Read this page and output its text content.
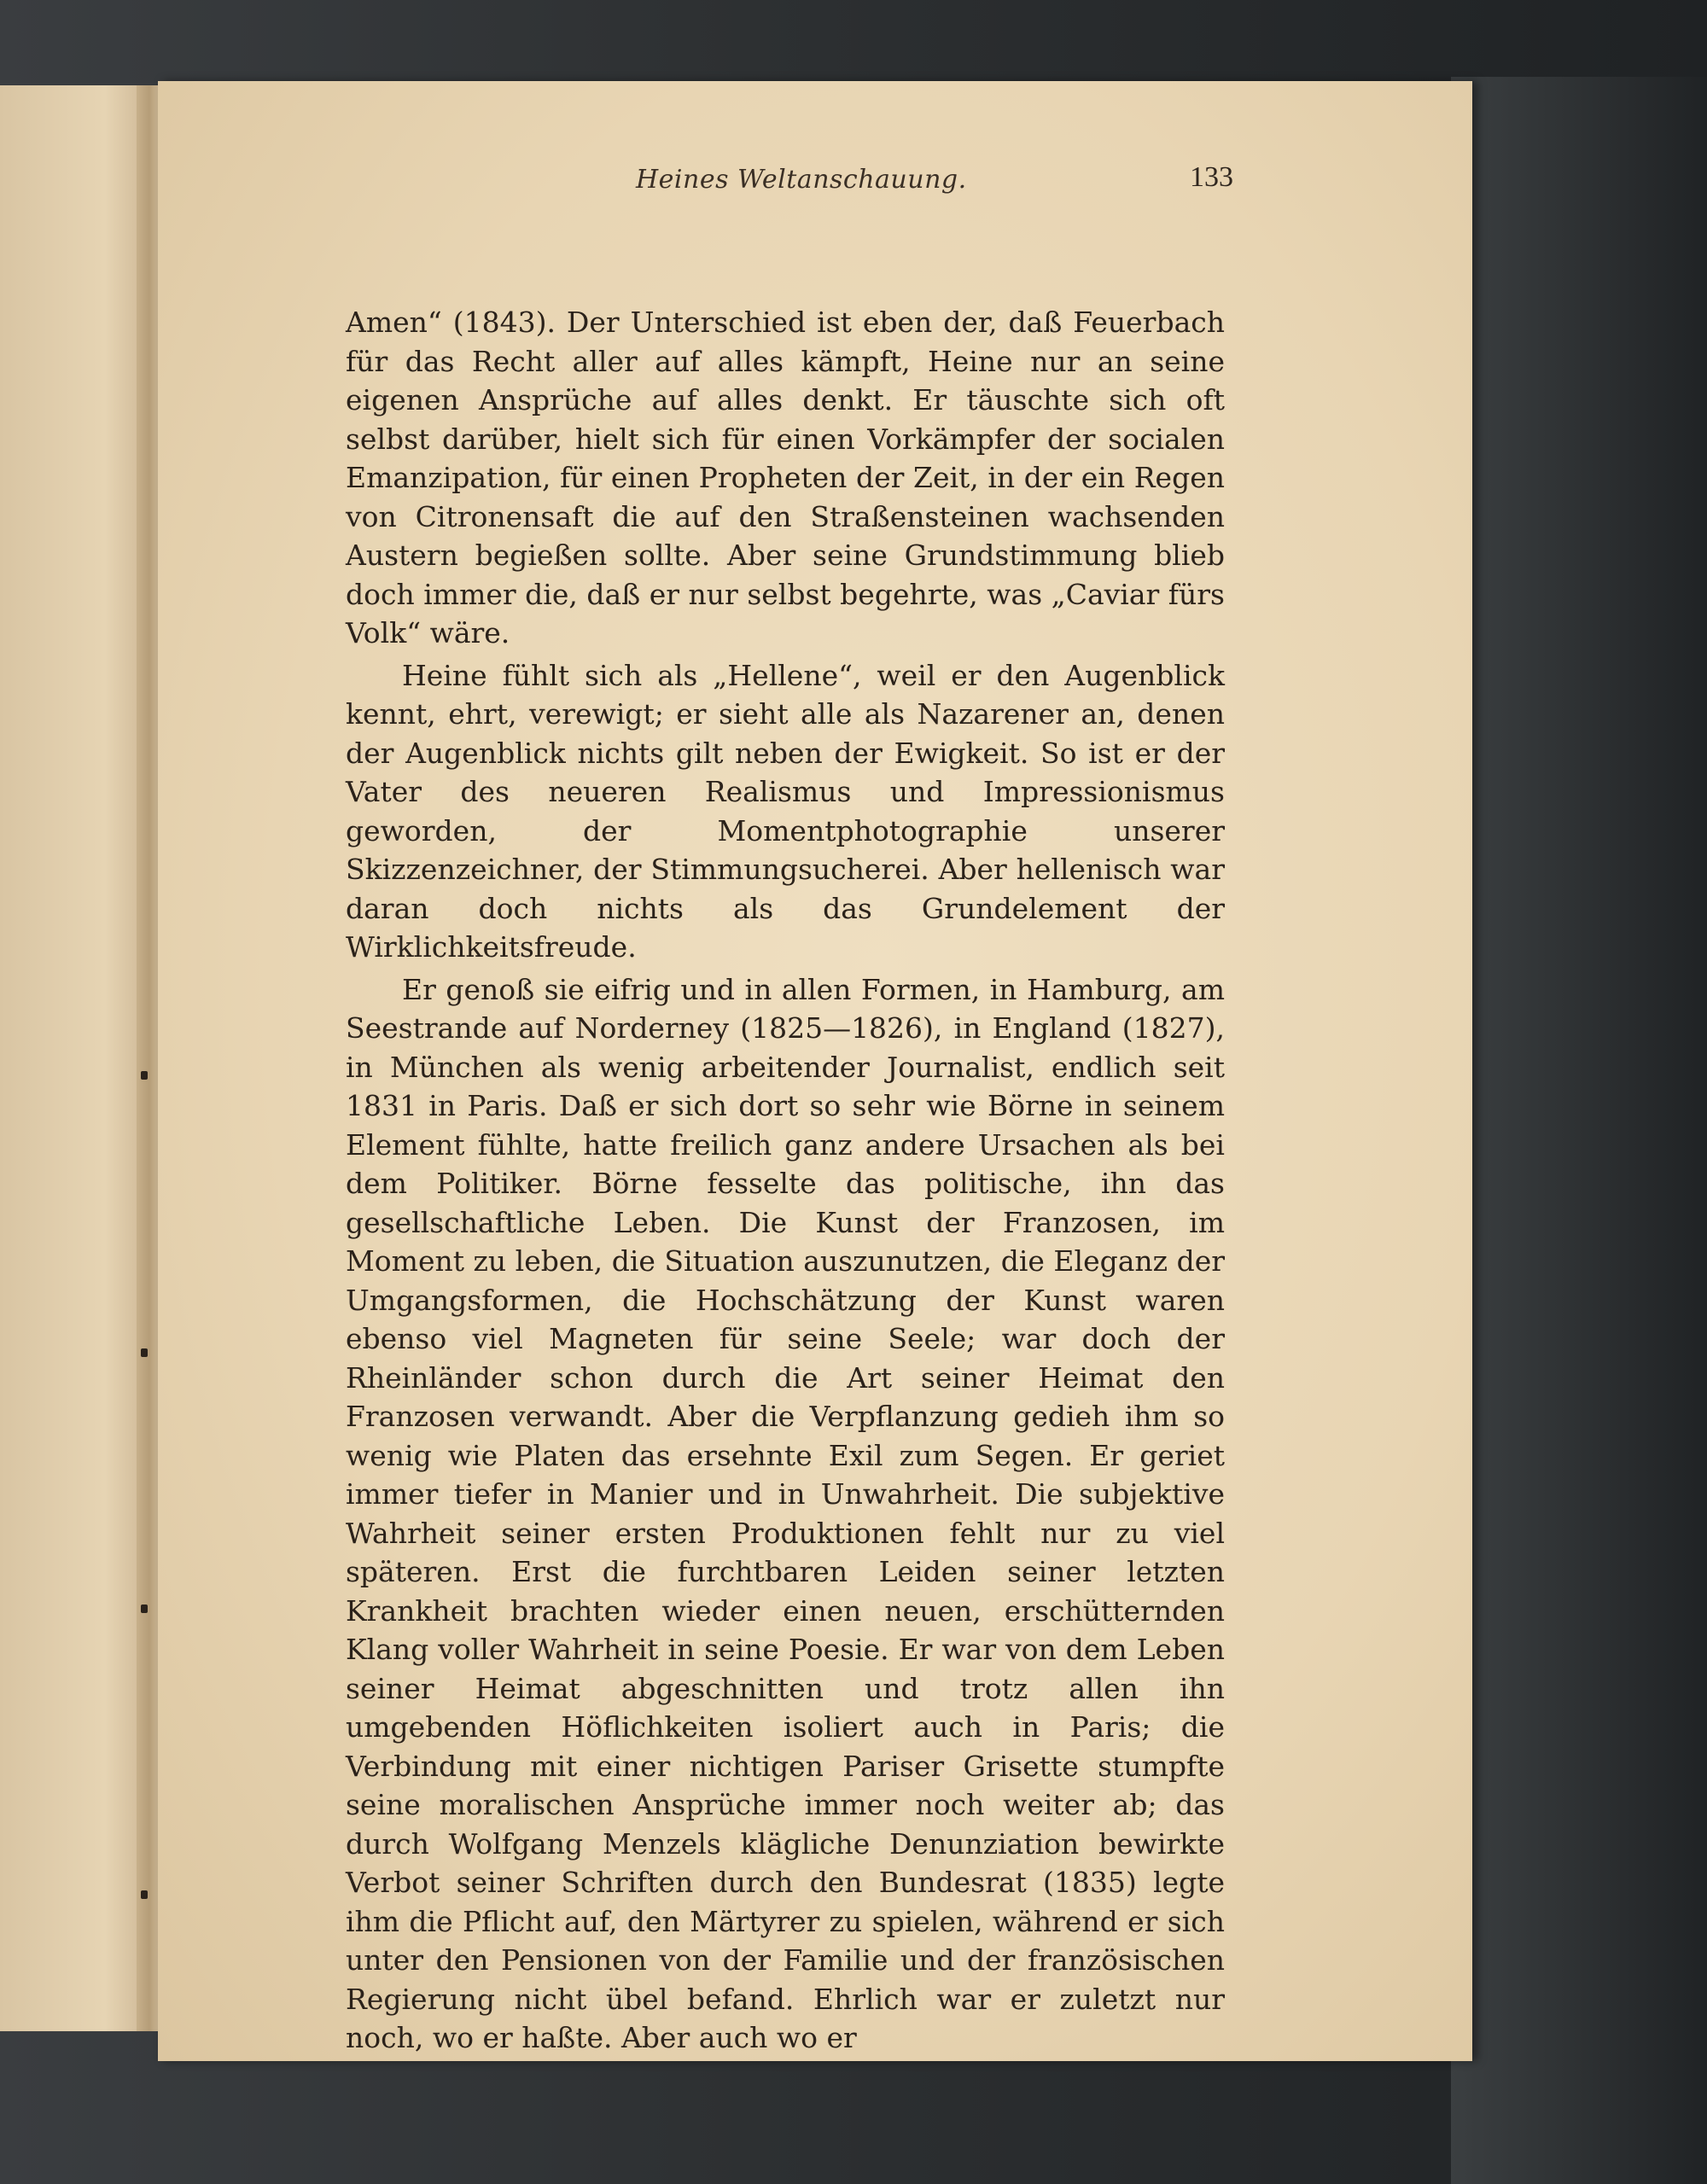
Heines Weltanschauung.	133

Amen“ (1843). Der Unterschied ist eben der, daß Feuerbach für das Recht aller auf alles kämpft, Heine nur an seine eigenen Ansprüche auf alles denkt. Er täuschte sich oft selbst darüber, hielt sich für einen Vorkämpfer der socialen Emanzipation, für einen Propheten der Zeit, in der ein Regen von Citronensaft die auf den Straßensteinen wachsenden Austern begießen sollte. Aber seine Grundstimmung blieb doch immer die, daß er nur selbst begehrte, was „Caviar fürs Volk“ wäre.

Heine fühlt sich als „Hellene“, weil er den Augenblick kennt, ehrt, verewigt; er sieht alle als Nazarener an, denen der Augenblick nichts gilt neben der Ewigkeit. So ist er der Vater des neueren Realismus und Impressionismus geworden, der Momentphotographie unserer Skizzenzeichner, der Stimmungsucherei. Aber hellenisch war daran doch nichts als das Grundelement der Wirklichkeitsfreude.

Er genoß sie eifrig und in allen Formen, in Hamburg, am Seestrande auf Norderney (1825—1826), in England (1827), in München als wenig arbeitender Journalist, endlich seit 1831 in Paris. Daß er sich dort so sehr wie Börne in seinem Element fühlte, hatte freilich ganz andere Ursachen als bei dem Politiker. Börne fesselte das politische, ihn das gesellschaftliche Leben. Die Kunst der Franzosen, im Moment zu leben, die Situation auszunutzen, die Eleganz der Umgangsformen, die Hochschätzung der Kunst waren ebenso viel Magneten für seine Seele; war doch der Rheinländer schon durch die Art seiner Heimat den Franzosen verwandt. Aber die Verpflanzung gedieh ihm so wenig wie Platen das ersehnte Exil zum Segen. Er geriet immer tiefer in Manier und in Unwahrheit. Die subjektive Wahrheit seiner ersten Produktionen fehlt nur zu viel späteren. Erst die furchtbaren Leiden seiner letzten Krankheit brachten wieder einen neuen, erschütternden Klang voller Wahrheit in seine Poesie. Er war von dem Leben seiner Heimat abgeschnitten und trotz allen ihn umgebenden Höflichkeiten isoliert auch in Paris; die Verbindung mit einer nichtigen Pariser Grisette stumpfte seine moralischen Ansprüche immer noch weiter ab; das durch Wolfgang Menzels klägliche Denunziation bewirkte Verbot seiner Schriften durch den Bundesrat (1835) legte ihm die Pflicht auf, den Märtyrer zu spielen, während er sich unter den Pensionen von der Familie und der französischen Regierung nicht übel befand. Ehrlich war er zuletzt nur noch, wo er haßte. Aber auch wo er
